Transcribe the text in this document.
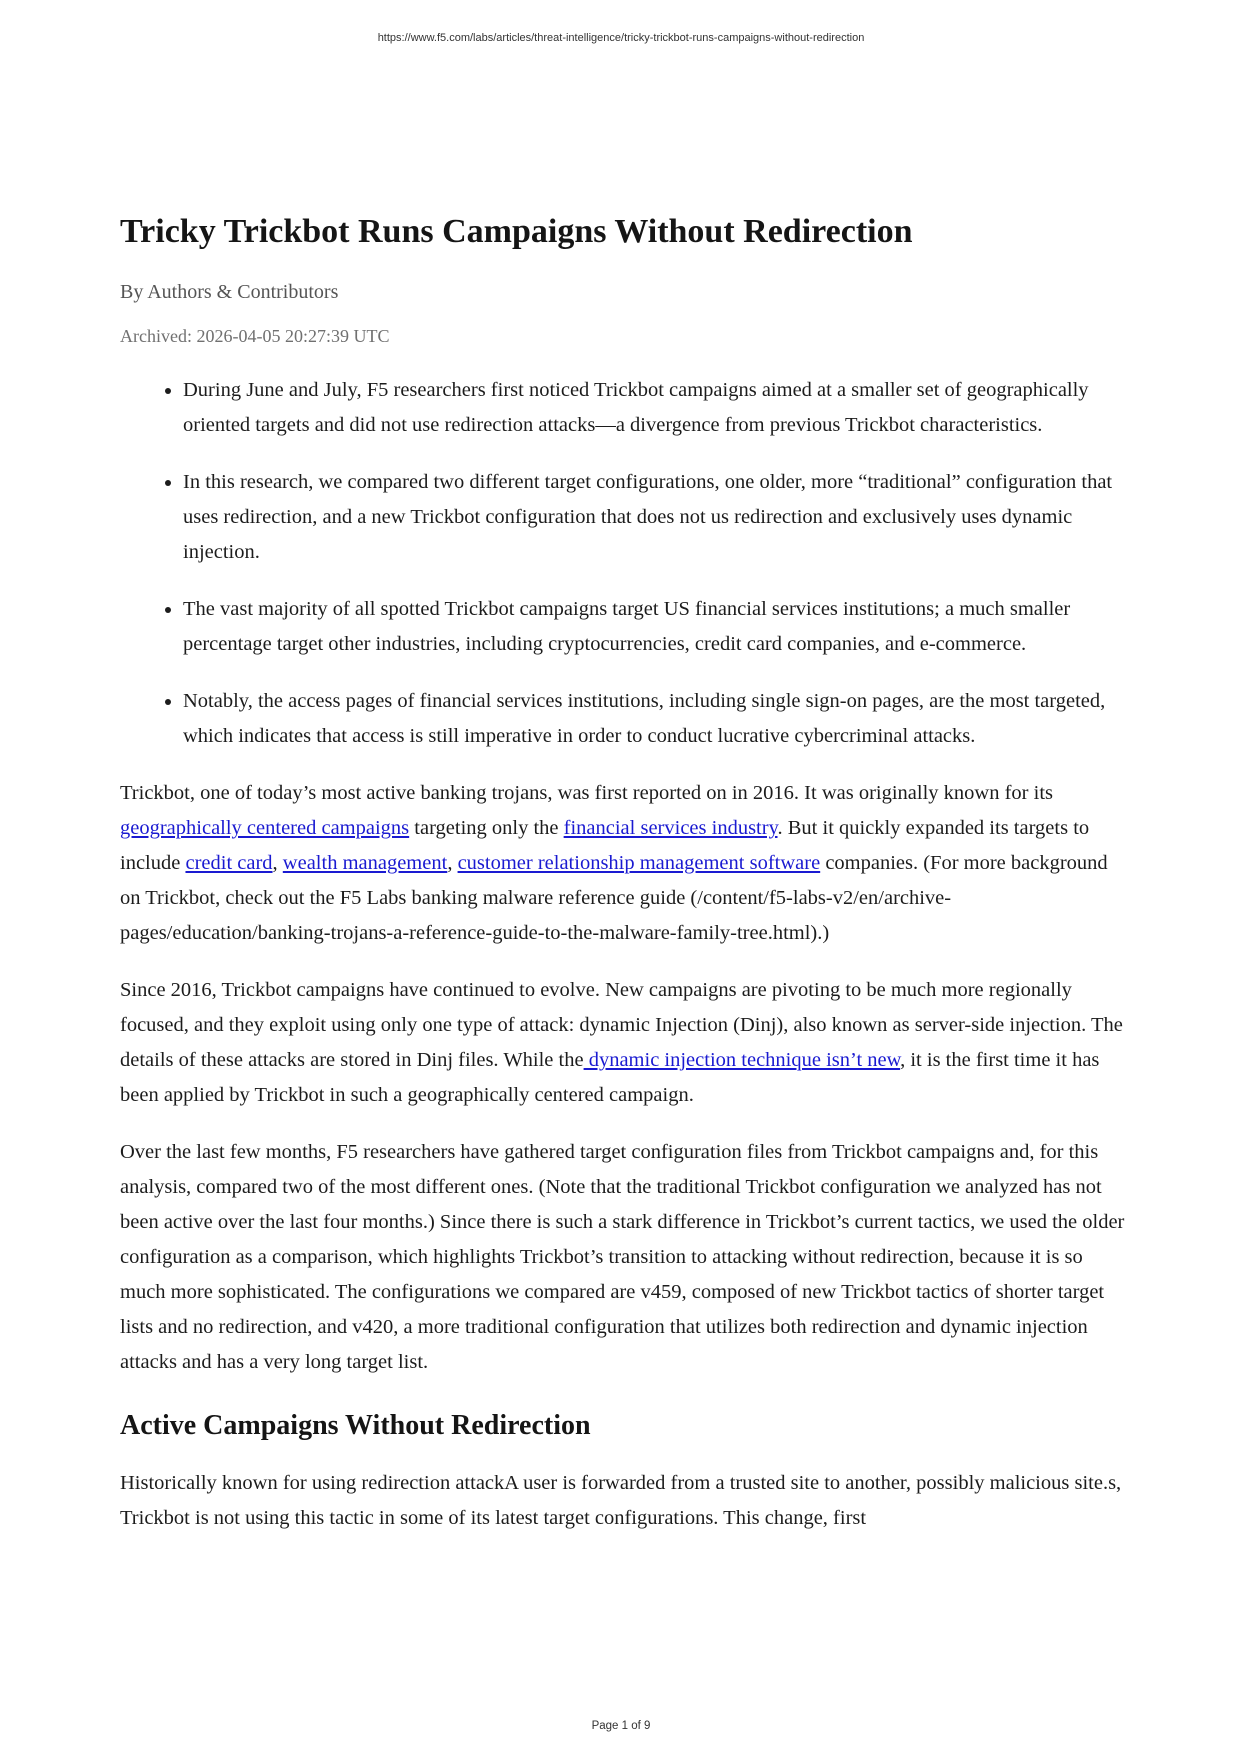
https://www.f5.com/labs/articles/threat-intelligence/tricky-trickbot-runs-campaigns-without-redirection
Tricky Trickbot Runs Campaigns Without Redirection
By Authors & Contributors
Archived: 2026-04-05 20:27:39 UTC
• During June and July, F5 researchers first noticed Trickbot campaigns aimed at a smaller set of geographically oriented targets and did not use redirection attacks—a divergence from previous Trickbot characteristics.
• In this research, we compared two different target configurations, one older, more “traditional” configuration that uses redirection, and a new Trickbot configuration that does not us redirection and exclusively uses dynamic injection.
• The vast majority of all spotted Trickbot campaigns target US financial services institutions; a much smaller percentage target other industries, including cryptocurrencies, credit card companies, and e-commerce.
• Notably, the access pages of financial services institutions, including single sign-on pages, are the most targeted, which indicates that access is still imperative in order to conduct lucrative cybercriminal attacks.

Trickbot, one of today’s most active banking trojans, was first reported on in 2016. It was originally known for its geographically centered campaigns targeting only the financial services industry. But it quickly expanded its targets to include credit card, wealth management, customer relationship management software companies. (For more background on Trickbot, check out the F5 Labs banking malware reference guide (/content/f5-labs-v2/en/archive-pages/education/banking-trojans-a-reference-guide-to-the-malware-family-tree.html).)

Since 2016, Trickbot campaigns have continued to evolve. New campaigns are pivoting to be much more regionally focused, and they exploit using only one type of attack: dynamic Injection (Dinj), also known as server-side injection. The details of these attacks are stored in Dinj files. While the dynamic injection technique isn’t new, it is the first time it has been applied by Trickbot in such a geographically centered campaign.

Over the last few months, F5 researchers have gathered target configuration files from Trickbot campaigns and, for this analysis, compared two of the most different ones. (Note that the traditional Trickbot configuration we analyzed has not been active over the last four months.) Since there is such a stark difference in Trickbot’s current tactics, we used the older configuration as a comparison, which highlights Trickbot’s transition to attacking without redirection, because it is so much more sophisticated. The configurations we compared are v459, composed of new Trickbot tactics of shorter target lists and no redirection, and v420, a more traditional configuration that utilizes both redirection and dynamic injection attacks and has a very long target list.

Active Campaigns Without Redirection

Historically known for using redirection attackA user is forwarded from a trusted site to another, possibly malicious site.s, Trickbot is not using this tactic in some of its latest target configurations. This change, first

Page 1 of 9
